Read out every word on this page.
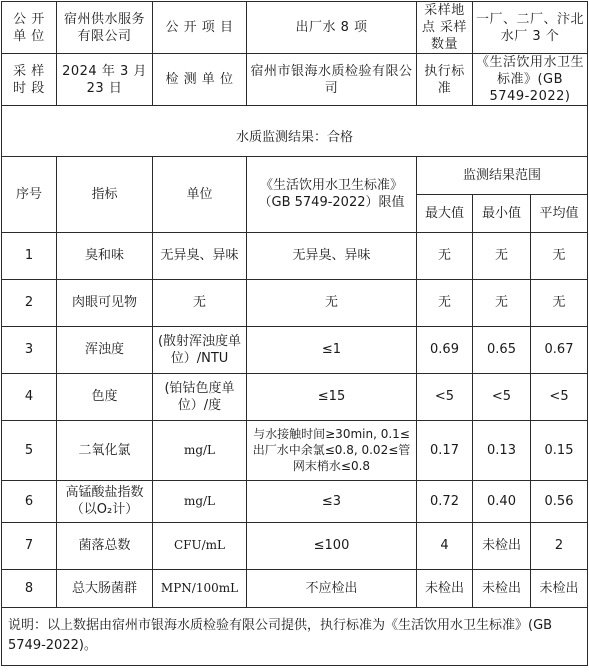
公 开 单 位	宿州供水服务有限公司	公 开 项 目	出厂水 8 项	采样地点 采样数量	一厂、二厂、汴北水厂 3 个	
采 样 时 段	2024 年 3 月 23 日	检 测 单 位	宿州市银海水质检验有限公司	执行标准	《生活饮用水卫生标准》(GB 5749-2022)	

水质监测结果：合格						
序号	指标	单位	《生活饮用水卫生标准》（GB 5749-2022）限值	监测结果范围		
				最大值	最小值	平均值
1	臭和味	无异臭、异味	无异臭、异味	无	无	无
2	肉眼可见物	无	无	无	无	无
3	浑浊度	(散射浑浊度单位）/NTU	≤1	0.69	0.65	0.67
4	色度	(铂钴色度单位）/度	≤15	<5	<5	<5
5	二氧化氯	mg/L	与水接触时间≥30min, 0.1≤出厂水中余氯≤0.8, 0.02≤管网末梢水≤0.8	0.17	0.13	0.15
6	高锰酸盐指数（以O₂计）	mg/L	≤3	0.72	0.40	0.56
7	菌落总数	CFU/mL	≤100	4	未检出	2
8	总大肠菌群	MPN/100mL	不应检出	未检出	未检出	未检出
说明：以上数据由宿州市银海水质检验有限公司提供，执行标准为《生活饮用水卫生标准》(GB 5749-2022)。						
